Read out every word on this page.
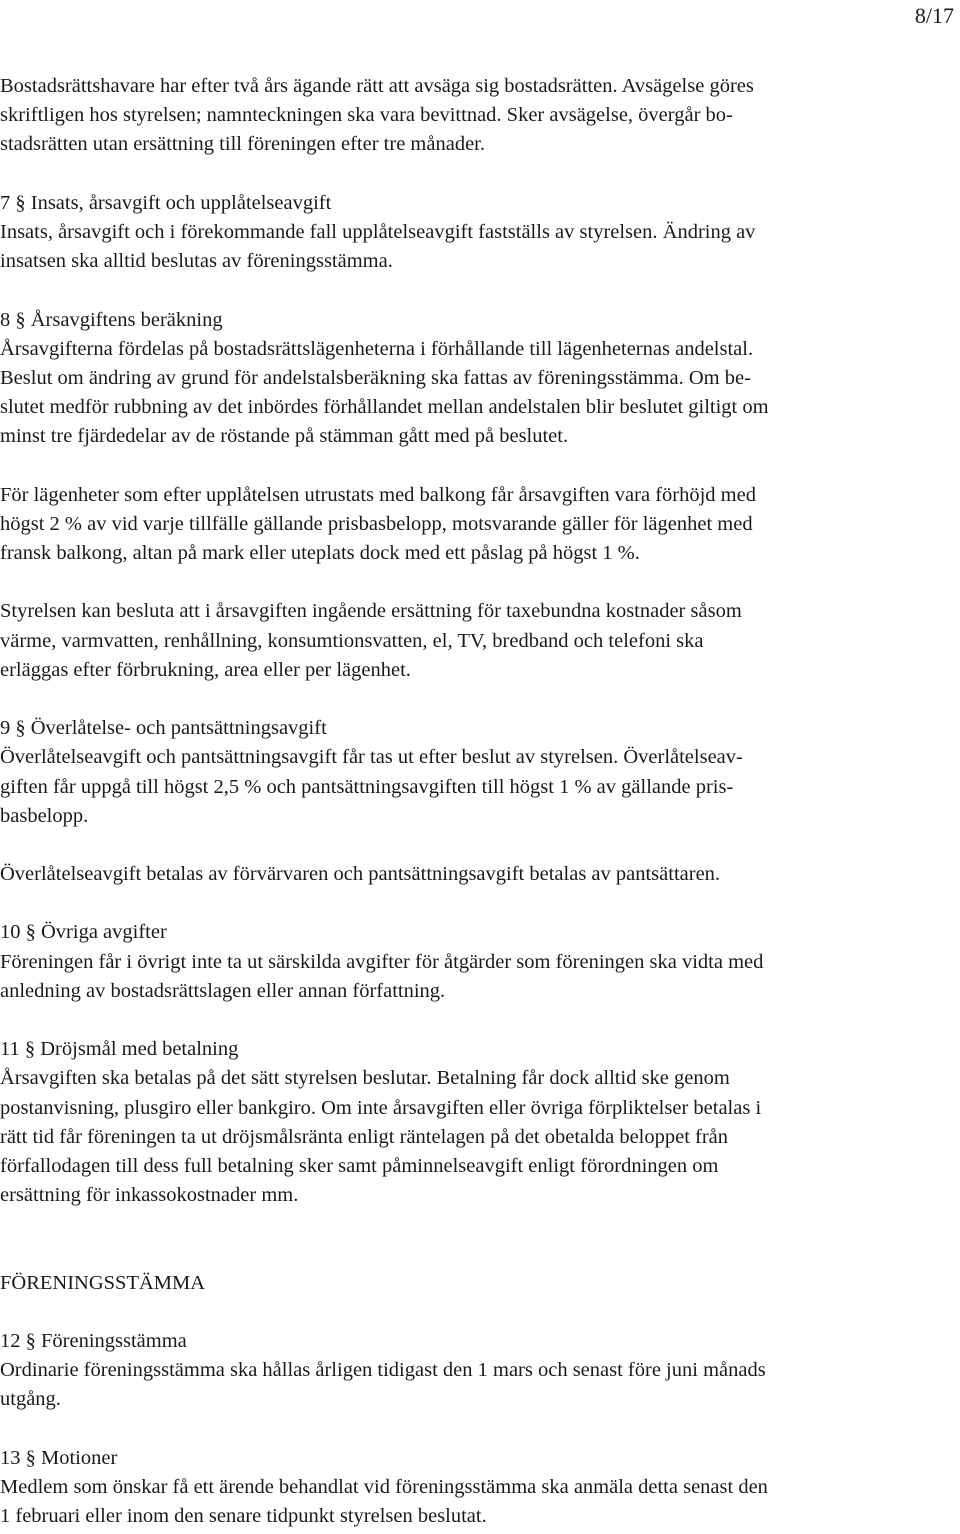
8/17
Bostadsrättshavare har efter två års ägande rätt att avsäga sig bostadsrätten. Avsägelse göres
skriftligen hos styrelsen; namnteckningen ska vara bevittnad. Sker avsägelse, övergår bo-
stadsrätten utan ersättning till föreningen efter tre månader.
7 § Insats, årsavgift och upplåtelseavgift
Insats, årsavgift och i förekommande fall upplåtelseavgift fastställs av styrelsen. Ändring av
insatsen ska alltid beslutas av föreningsstämma.
8 § Årsavgiftens beräkning
Årsavgifterna fördelas på bostadsrättslägenheterna i förhållande till lägenheternas andelstal.
Beslut om ändring av grund för andelstalsberäkning ska fattas av föreningsstämma. Om be-
slutet medför rubbning av det inbördes förhållandet mellan andelstalen blir beslutet giltigt om
minst tre fjärdedelar av de röstande på stämman gått med på beslutet.
För lägenheter som efter upplåtelsen utrustats med balkong får årsavgiften vara förhöjd med
högst 2 % av vid varje tillfälle gällande prisbasbelopp, motsvarande gäller för lägenhet med
fransk balkong, altan på mark eller uteplats dock med ett påslag på högst 1 %.
Styrelsen kan besluta att i årsavgiften ingående ersättning för taxebundna kostnader såsom
värme, varmvatten, renhållning, konsumtionsvatten, el, TV, bredband och telefoni ska
erläggas efter förbrukning, area eller per lägenhet.
9 § Överlåtelse- och pantsättningsavgift
Överlåtelseavgift och pantsättningsavgift får tas ut efter beslut av styrelsen. Överlåtelseav-
giften får uppgå till högst 2,5 % och pantsättningsavgiften till högst 1 % av gällande pris-
basbelopp.
Överlåtelseavgift betalas av förvärvaren och pantsättningsavgift betalas av pantsättaren.
10 § Övriga avgifter
Föreningen får i övrigt inte ta ut särskilda avgifter för åtgärder som föreningen ska vidta med
anledning av bostadsrättslagen eller annan författning.
11 § Dröjsmål med betalning
Årsavgiften ska betalas på det sätt styrelsen beslutar. Betalning får dock alltid ske genom
postanvisning, plusgiro eller bankgiro. Om inte årsavgiften eller övriga förpliktelser betalas i
rätt tid får föreningen ta ut dröjsmålsränta enligt räntelagen på det obetalda beloppet från
förfallodagen till dess full betalning sker samt påminnelseavgift enligt förordningen om
ersättning för inkassokostnader mm.
FÖRENINGSSTÄMMA
12 § Föreningsstämma
Ordinarie föreningsstämma ska hållas årligen tidigast den 1 mars och senast före juni månads
utgång.
13 § Motioner
Medlem som önskar få ett ärende behandlat vid föreningsstämma ska anmäla detta senast den
1 februari eller inom den senare tidpunkt styrelsen beslutat.
